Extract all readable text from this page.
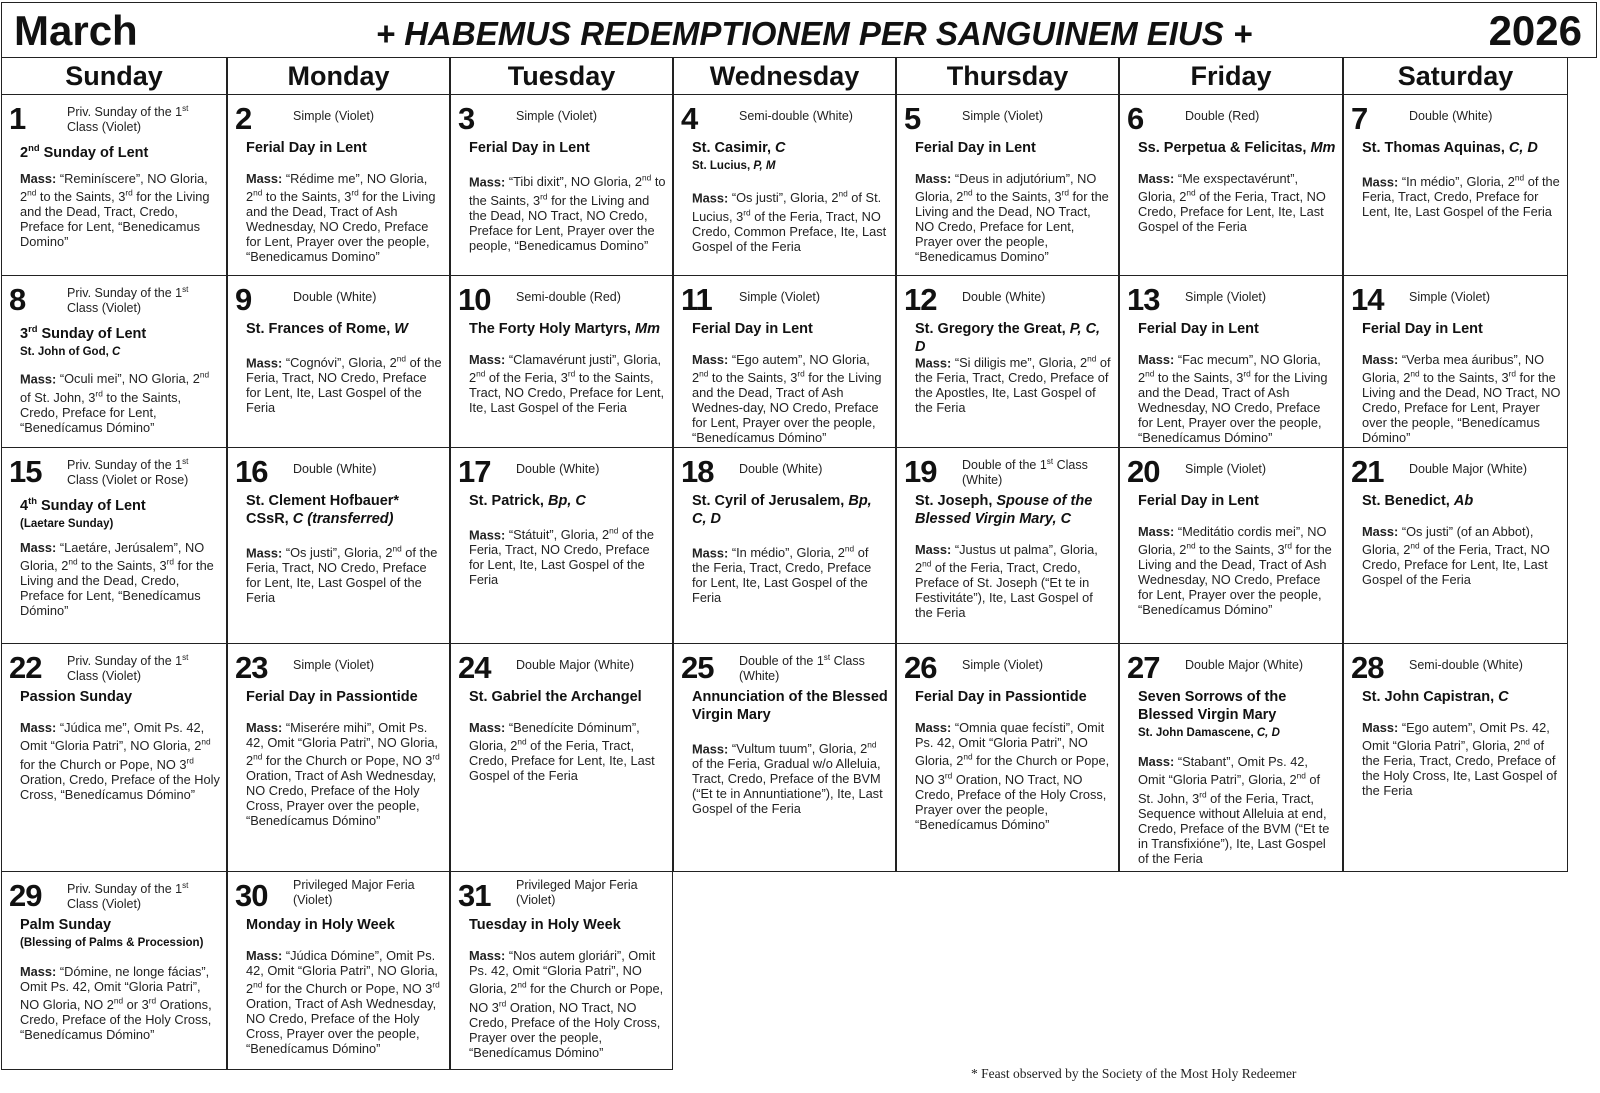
March	+ HABEMUS REDEMPTIONEM PER SANGUINEM EIUS +	2026
Sunday	Monday	Tuesday	Wednesday	Thursday	Friday	Saturday
1	Priv. Sunday of the 1st Class (Violet)
2nd Sunday of Lent
Mass: “Reminíscere”, NO Gloria, 2nd to the Saints, 3rd for the Living and the Dead, Tract, Credo, Preface for Lent, “Benedicamus Domino”
2	Simple (Violet)
Ferial Day in Lent
Mass: “Rédime me”, NO Gloria, 2nd to the Saints, 3rd for the Living and the Dead, Tract of Ash Wednesday, NO Credo, Preface for Lent, Prayer over the people, “Benedicamus Domino”
3	Simple (Violet)
Ferial Day in Lent
Mass: “Tibi dixit”, NO Gloria, 2nd to the Saints, 3rd for the Living and the Dead, NO Tract, NO Credo, Preface for Lent, Prayer over the people, “Benedicamus Domino”
4	Semi-double (White)
St. Casimir, C
St. Lucius, P, M
Mass: “Os justi”, Gloria, 2nd of St. Lucius, 3rd of the Feria, Tract, NO Credo, Common Preface, Ite, Last Gospel of the Feria
5	Simple (Violet)
Ferial Day in Lent
Mass: “Deus in adjutórium”, NO Gloria, 2nd to the Saints, 3rd for the Living and the Dead, NO Tract, NO Credo, Preface for Lent, Prayer over the people, “Benedicamus Domino”
6	Double (Red)
Ss. Perpetua & Felicitas, Mm
Mass: “Me exspectavérunt”, Gloria, 2nd of the Feria, Tract, NO Credo, Preface for Lent, Ite, Last Gospel of the Feria
7	Double (White)
St. Thomas Aquinas, C, D
Mass: “In médio”, Gloria, 2nd of the Feria, Tract, Credo, Preface for Lent, Ite, Last Gospel of the Feria
8	Priv. Sunday of the 1st Class (Violet)
3rd Sunday of Lent
St. John of God, C
Mass: “Oculi mei”, NO Gloria, 2nd of St. John, 3rd to the Saints, Credo, Preface for Lent, “Benedícamus Dómino”
9	Double (White)
St. Frances of Rome, W
Mass: “Cognóvi”, Gloria, 2nd of the Feria, Tract, NO Credo, Preface for Lent, Ite, Last Gospel of the Feria
10 Semi-double (Red)
The Forty Holy Martyrs, Mm
Mass: “Clamavérunt justi”, Gloria, 2nd of the Feria, 3rd to the Saints, Tract, NO Credo, Preface for Lent, Ite, Last Gospel of the Feria
11 Simple (Violet)
Ferial Day in Lent
Mass: “Ego autem”, NO Gloria, 2nd to the Saints, 3rd for the Living and the Dead, Tract of Ash Wednes-day, NO Credo, Preface for Lent, Prayer over the people, “Benedícamus Dómino”
12 Double (White)
St. Gregory the Great, P, C, D
Mass: “Si diligis me”, Gloria, 2nd of the Feria, Tract, Credo, Preface of the Apostles, Ite, Last Gospel of the Feria
13 Simple (Violet)
Ferial Day in Lent
Mass: “Fac mecum”, NO Gloria, 2nd to the Saints, 3rd for the Living and the Dead, Tract of Ash Wednesday, NO Credo, Preface for Lent, Prayer over the people, “Benedícamus Dómino”
14 Simple (Violet)
Ferial Day in Lent
Mass: “Verba mea áuribus”, NO Gloria, 2nd to the Saints, 3rd for the Living and the Dead, NO Tract, NO Credo, Preface for Lent, Prayer over the people, “Benedícamus Dómino”
15 Priv. Sunday of the 1st Class (Violet or Rose)
4th Sunday of Lent
(Laetare Sunday)
Mass: “Laetáre, Jerúsalem”, NO Gloria, 2nd to the Saints, 3rd for the Living and the Dead, Credo, Preface for Lent, “Benedícamus Dómino”
16 Double (White)
St. Clement Hofbauer* CSsR, C (transferred)
Mass: “Os justi”, Gloria, 2nd of the Feria, Tract, NO Credo, Preface for Lent, Ite, Last Gospel of the Feria
17 Double (White)
St. Patrick, Bp, C
Mass: “Státuit”, Gloria, 2nd of the Feria, Tract, NO Credo, Preface for Lent, Ite, Last Gospel of the Feria
18 Double (White)
St. Cyril of Jerusalem, Bp, C, D
Mass: “In médio”, Gloria, 2nd of the Feria, Tract, Credo, Preface for Lent, Ite, Last Gospel of the Feria
19 Double of the 1st Class (White)
St. Joseph, Spouse of the Blessed Virgin Mary, C
Mass: “Justus ut palma”, Gloria, 2nd of the Feria, Tract, Credo, Preface of St. Joseph (“Et te in Festivitáte”), Ite, Last Gospel of the Feria
20 Simple (Violet)
Ferial Day in Lent
Mass: “Meditátio cordis mei”, NO Gloria, 2nd to the Saints, 3rd for the Living and the Dead, Tract of Ash Wednesday, NO Credo, Preface for Lent, Prayer over the people, “Benedícamus Dómino”
21 Double Major (White)
St. Benedict, Ab
Mass: “Os justi” (of an Abbot), Gloria, 2nd of the Feria, Tract, NO Credo, Preface for Lent, Ite, Last Gospel of the Feria
22 Priv. Sunday of the 1st Class (Violet)
Passion Sunday
Mass: “Júdica me”, Omit Ps. 42, Omit “Gloria Patri”, NO Gloria, 2nd for the Church or Pope, NO 3rd Oration, Credo, Preface of the Holy Cross, “Benedícamus Dómino”
23 Simple (Violet)
Ferial Day in Passiontide
Mass: “Miserére mihi”, Omit Ps. 42, Omit “Gloria Patri”, NO Gloria, 2nd for the Church or Pope, NO 3rd Oration, Tract of Ash Wednesday, NO Credo, Preface of the Holy Cross, Prayer over the people, “Benedícamus Dómino”
24 Double Major (White)
St. Gabriel the Archangel
Mass: “Benedícite Dóminum”, Gloria, 2nd of the Feria, Tract, Credo, Preface for Lent, Ite, Last Gospel of the Feria
25 Double of the 1st Class (White)
Annunciation of the Blessed Virgin Mary
Mass: “Vultum tuum”, Gloria, 2nd of the Feria, Gradual w/o Alleluia, Tract, Credo, Preface of the BVM (“Et te in Annuntiatione”), Ite, Last Gospel of the Feria
26 Simple (Violet)
Ferial Day in Passiontide
Mass: “Omnia quae fecísti”, Omit Ps. 42, Omit “Gloria Patri”, NO Gloria, 2nd for the Church or Pope, NO 3rd Oration, NO Tract, NO Credo, Preface of the Holy Cross, Prayer over the people, “Benedícamus Dómino”
27 Double Major (White)
Seven Sorrows of the Blessed Virgin Mary
St. John Damascene, C, D
Mass: “Stabant”, Omit Ps. 42, Omit “Gloria Patri”, Gloria, 2nd of St. John, 3rd of the Feria, Tract, Sequence without Alleluia at end, Credo, Preface of the BVM (“Et te in Transfixióne”), Ite, Last Gospel of the Feria
28 Semi-double (White)
St. John Capistran, C
Mass: “Ego autem”, Omit Ps. 42, Omit “Gloria Patri”, Gloria, 2nd of the Feria, Tract, Credo, Preface of the Holy Cross, Ite, Last Gospel of the Feria
29 Priv. Sunday of the 1st Class (Violet)
Palm Sunday
(Blessing of Palms & Procession)
Mass: “Dómine, ne longe fácias”, Omit Ps. 42, Omit “Gloria Patri”, NO Gloria, NO 2nd or 3rd Orations, Credo, Preface of the Holy Cross, “Benedícamus Dómino”
30 Privileged Major Feria (Violet)
Monday in Holy Week
Mass: “Júdica Dómine”, Omit Ps. 42, Omit “Gloria Patri”, NO Gloria, 2nd for the Church or Pope, NO 3rd Oration, Tract of Ash Wednesday, NO Credo, Preface of the Holy Cross, Prayer over the people, “Benedícamus Dómino”
31 Privileged Major Feria (Violet)
Tuesday in Holy Week
Mass: “Nos autem gloriári”, Omit Ps. 42, Omit “Gloria Patri”, NO Gloria, 2nd for the Church or Pope, NO 3rd Oration, NO Tract, NO Credo, Preface of the Holy Cross, Prayer over the people, “Benedícamus Dómino”
* Feast observed by the Society of the Most Holy Redeemer
